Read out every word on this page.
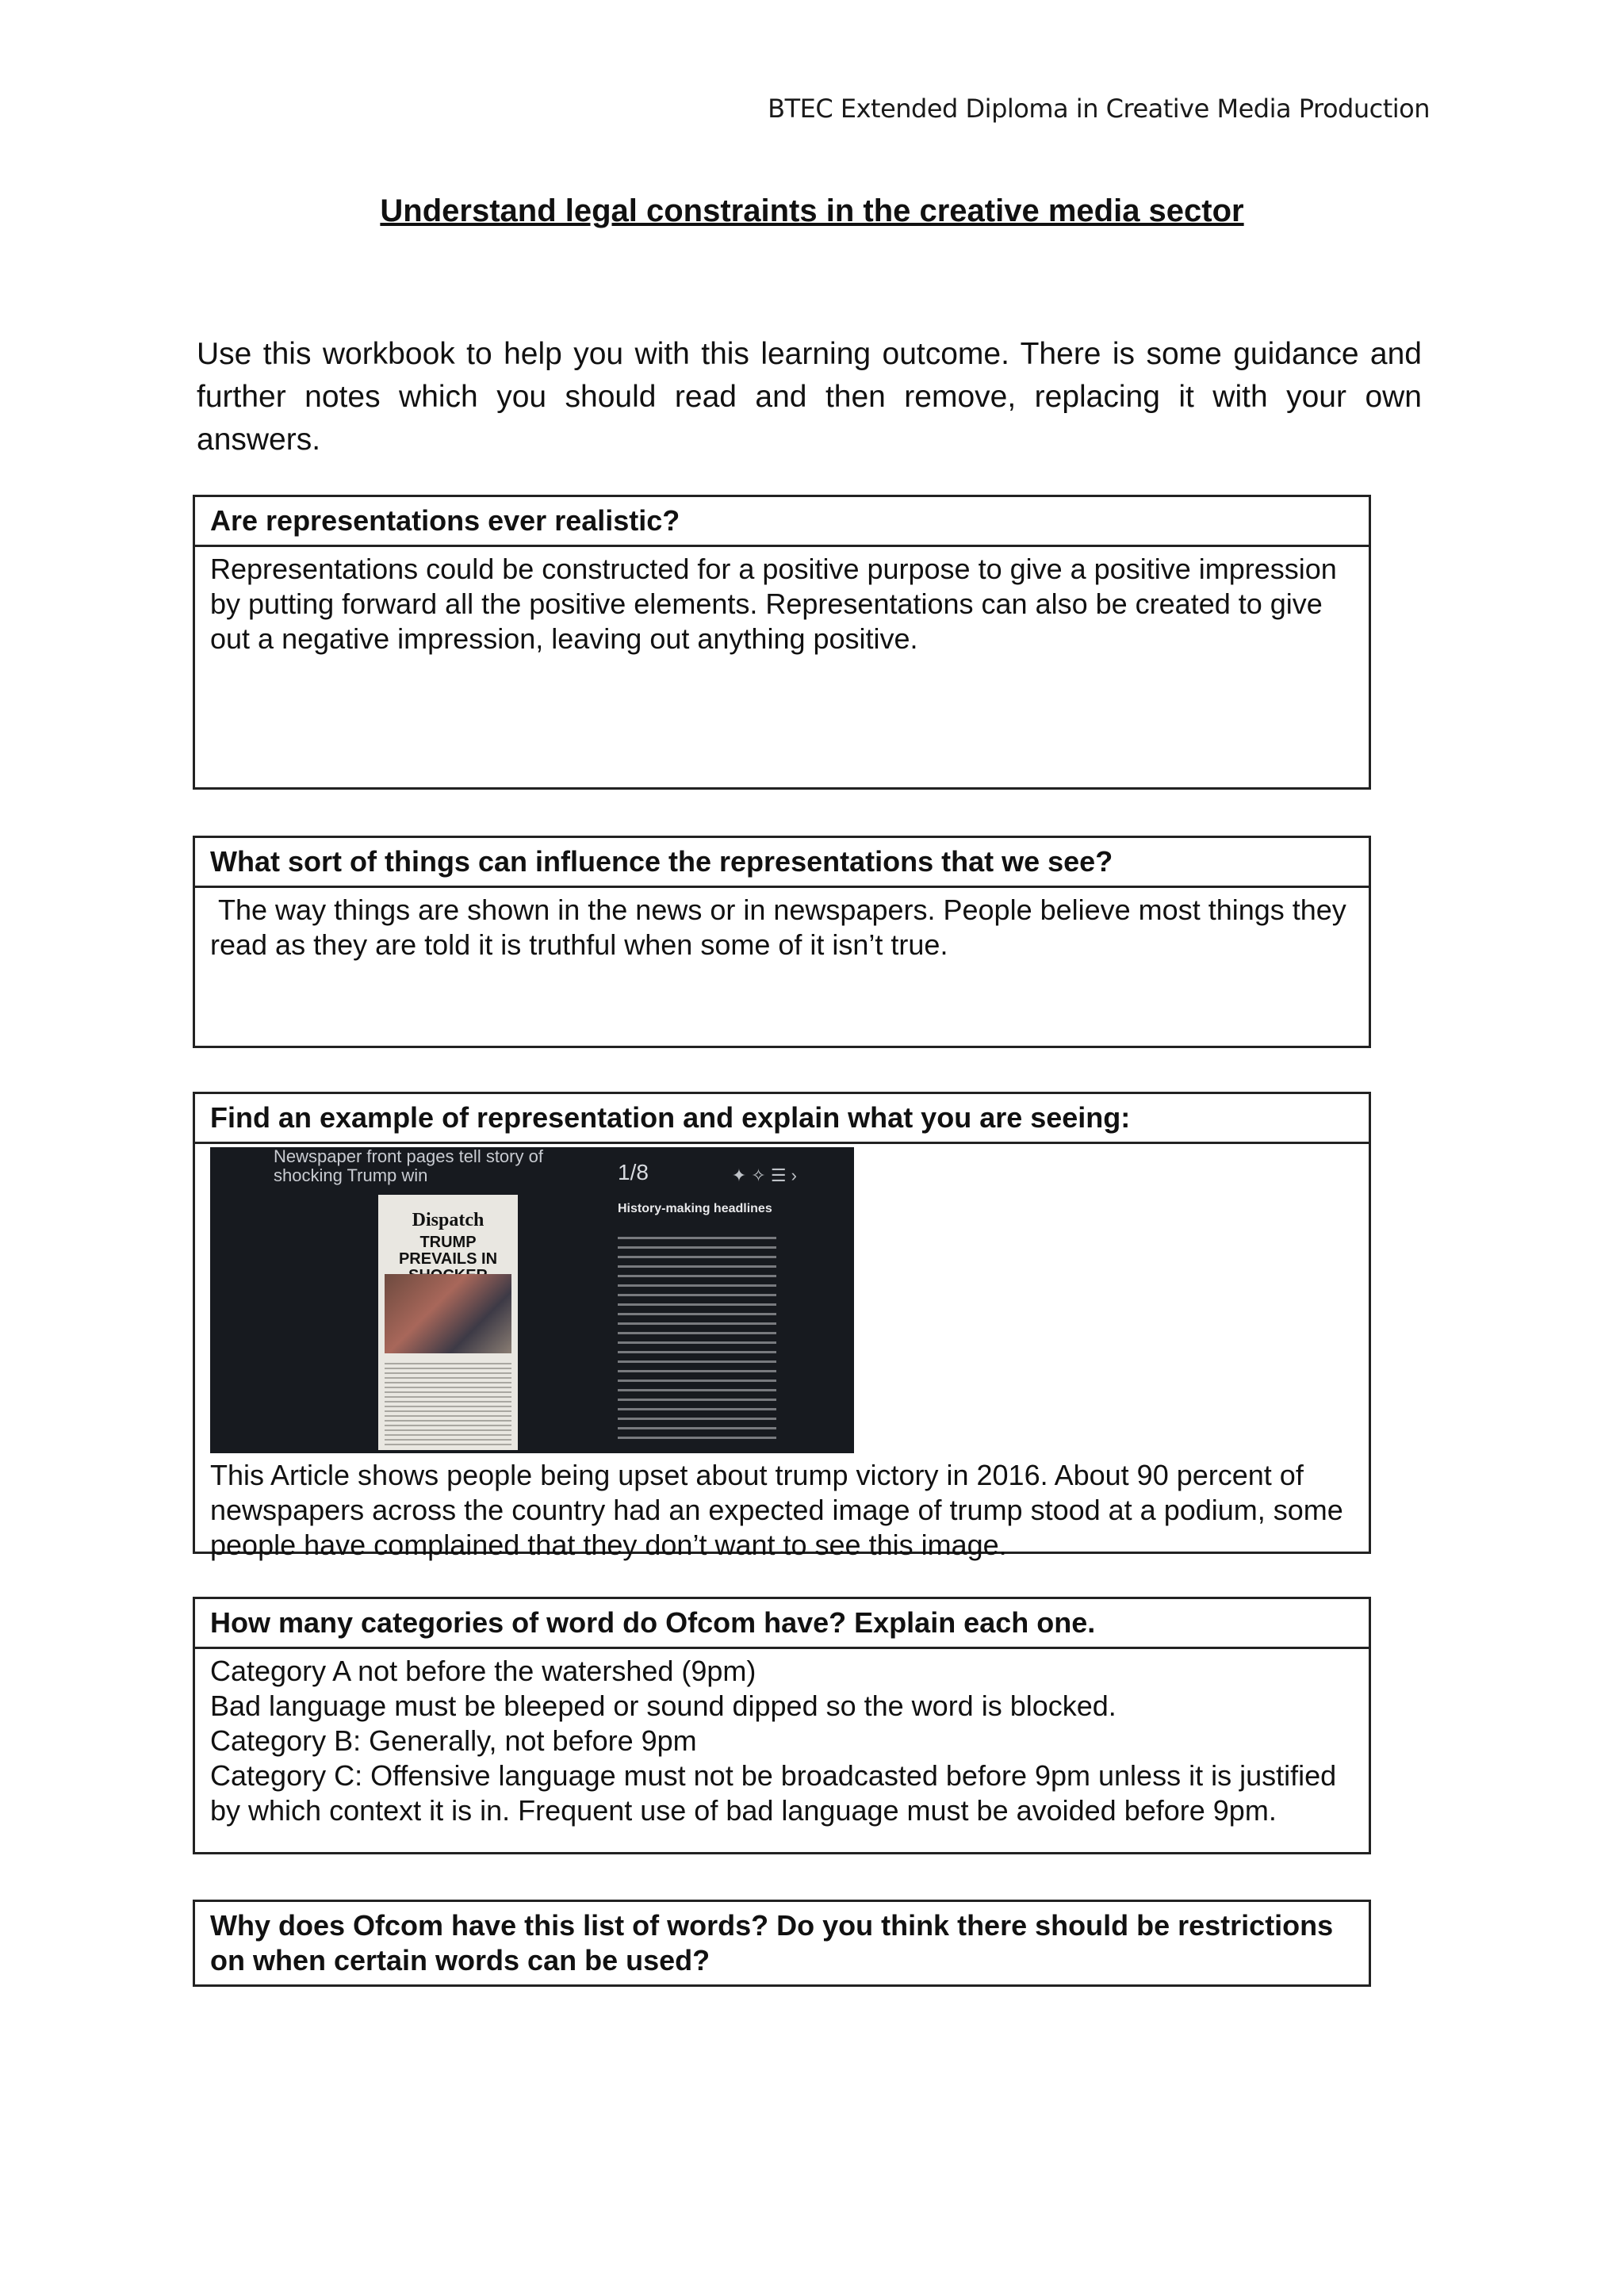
BTEC Extended Diploma in Creative Media Production
Understand legal constraints in the creative media sector
Use this workbook to help you with this learning outcome. There is some guidance and further notes which you should read and then remove, replacing it with your own answers.
Are representations ever realistic?
Representations could be constructed for a positive purpose to give a positive impression by putting forward all the positive elements. Representations can also be created to give out a negative impression, leaving out anything positive.
What sort of things can influence the representations that we see?
The way things are shown in the news or in newspapers. People believe most things they read as they are told it is truthful when some of it isn’t true.
Find an example of representation and explain what you are seeing:
Newspaper front pages tell story of shocking Trump win
Dispatch
TRUMP PREVAILS IN
1/8	✦ ✧ ☰ ›
History-making headlines

This Article shows people being upset about trump victory in 2016. About 90 percent of newspapers across the country had an expected image of trump stood at a podium, some people have complained that they don’t want to see this image.

How many categories of word do Ofcom have? Explain each one.

Category A not before the watershed (9pm)

Bad language must be bleeped or sound dipped so the word is blocked.

Category B: Generally, not before 9pm

Category C: Offensive language must not be broadcasted before 9pm unless it is justified by which context it is in. Frequent use of bad language must be avoided before 9pm.

Why does Ofcom have this list of words? Do you think there should be restrictions on when certain words can be used?
